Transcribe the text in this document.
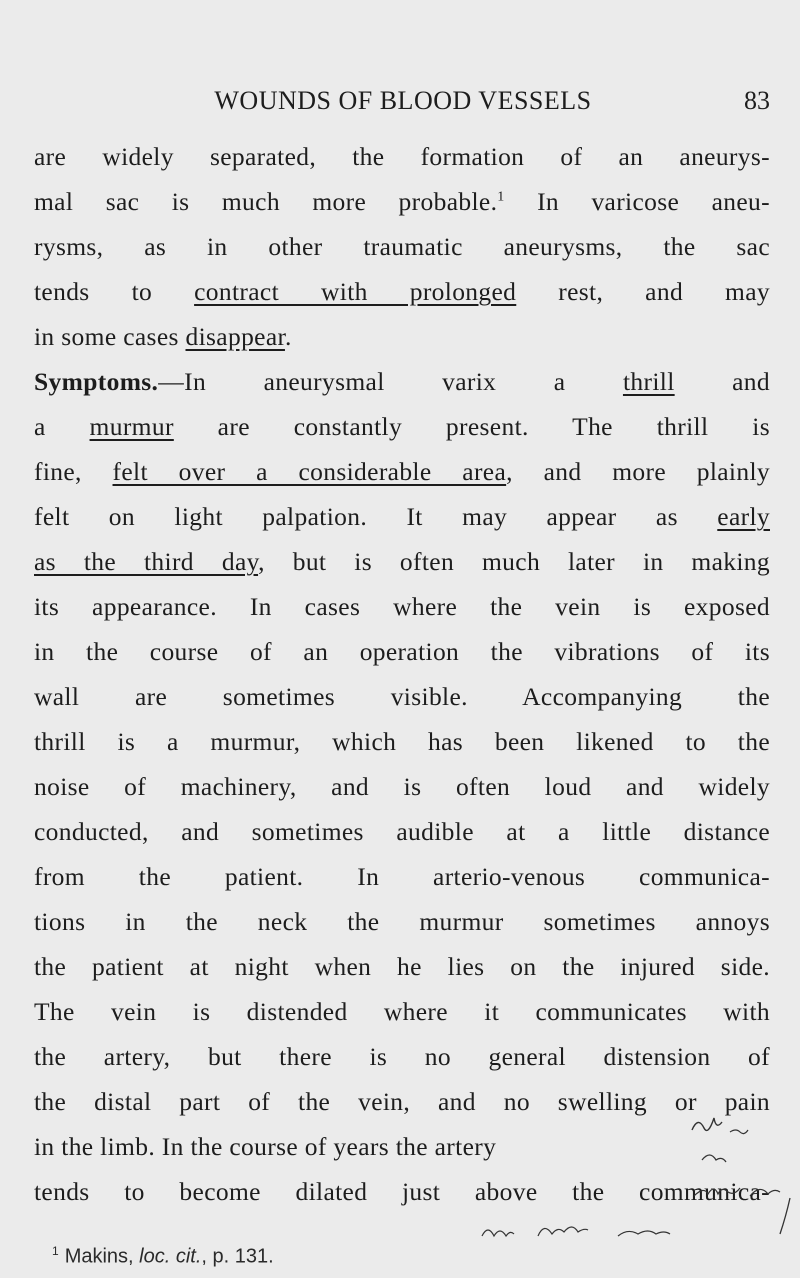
WOUNDS OF BLOOD VESSELS	83
are widely separated, the formation of an aneurys-
mal sac is much more probable.$^1$ In varicose aneu-
rysms, as in other traumatic aneurysms, the sac
tends to contract with prolonged rest, and may
in some cases disappear.
Symptoms.—In aneurysmal varix a thrill and
a murmur are constantly present. The thrill is
fine, felt over a considerable area, and more plainly
felt on light palpation. It may appear as early
as the third day, but is often much later in making
its appearance. In cases where the vein is exposed
in the course of an operation the vibrations of its
wall are sometimes visible. Accompanying the
thrill is a murmur, which has been likened to the
noise of machinery, and is often loud and widely
conducted, and sometimes audible at a little distance
from the patient. In arterio-venous communica-
tions in the neck the murmur sometimes annoys
the patient at night when he lies on the injured side.
The vein is distended where it communicates with
the artery, but there is no general distension of
the distal part of the vein, and no swelling or pain
in the limb. In the course of years the artery
tends to become dilated just above the communica-
$^1$ Makins, loc. cit., p. 131.
